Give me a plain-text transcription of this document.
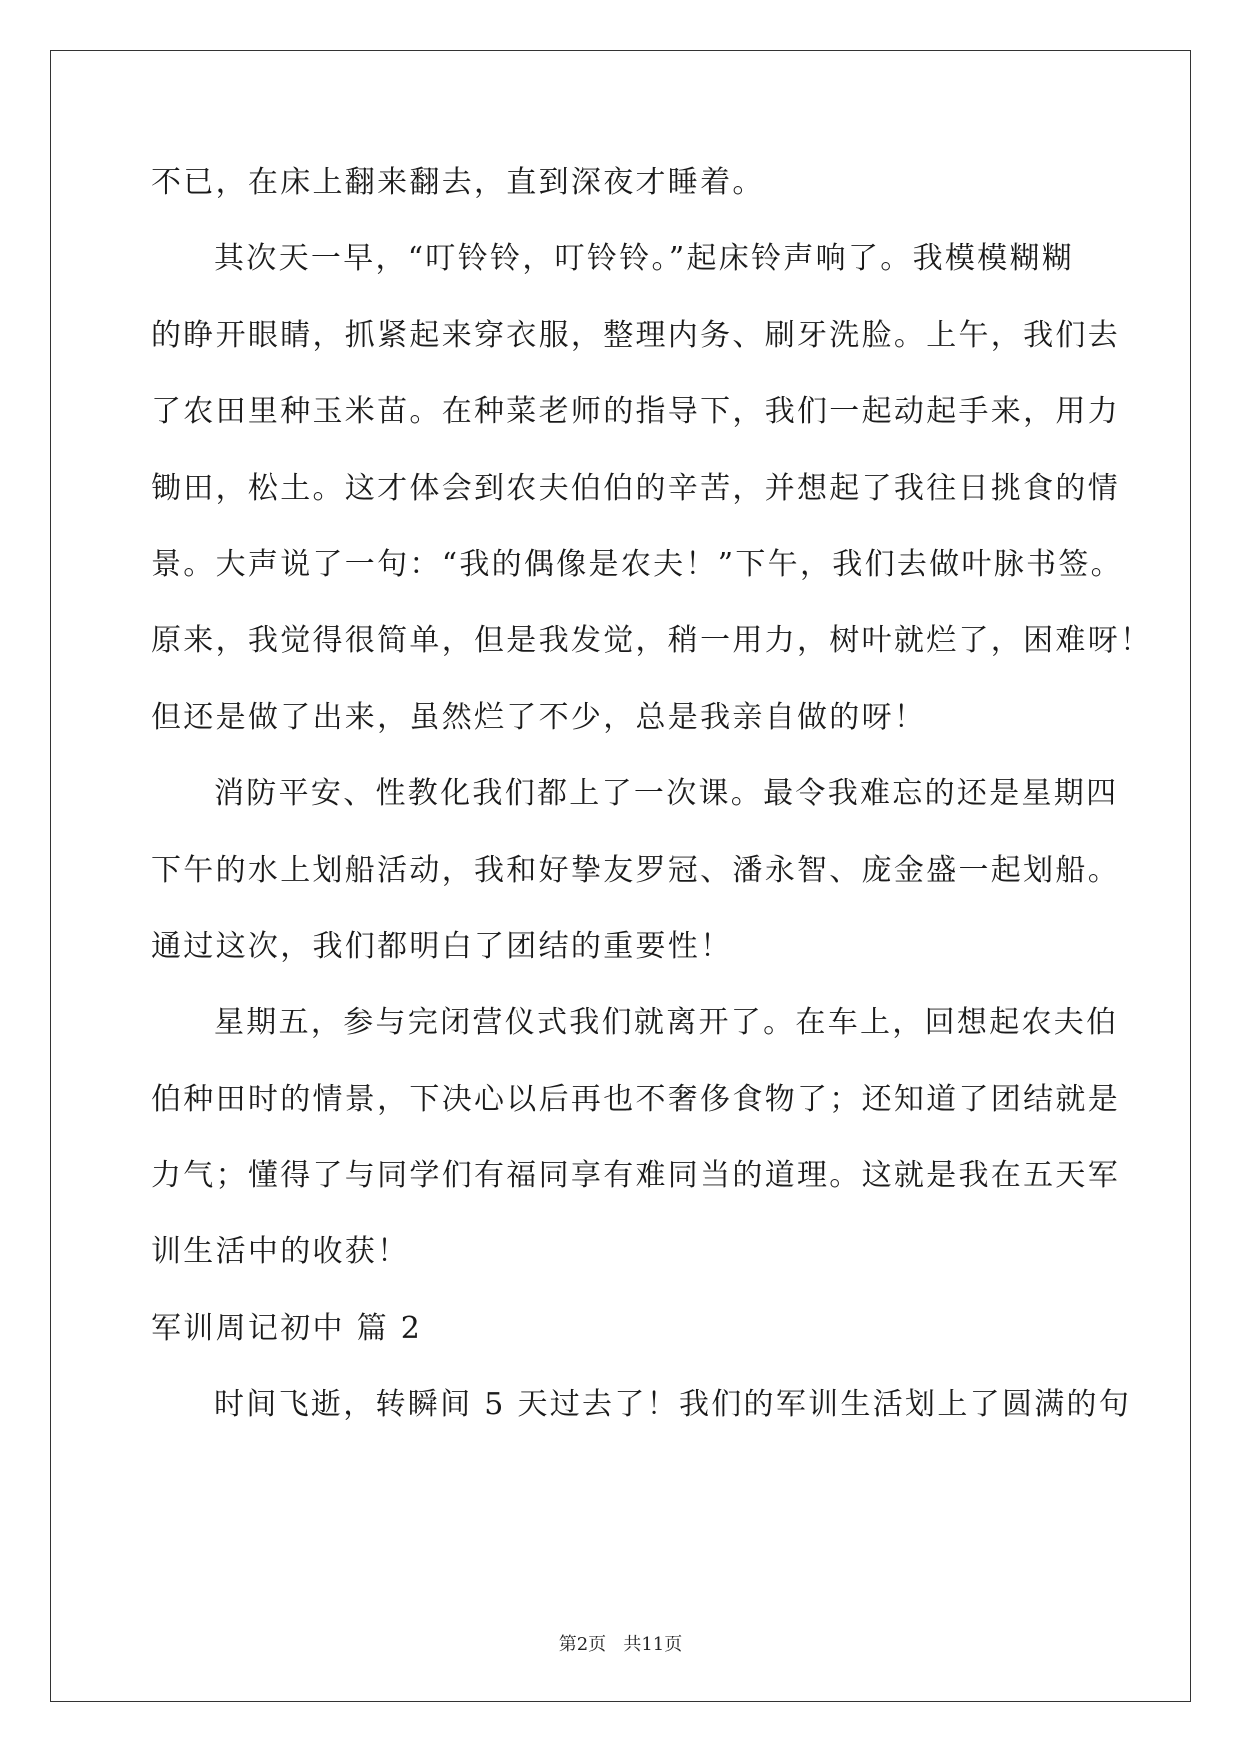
不已，在床上翻来翻去，直到深夜才睡着。
其次天一早，“叮铃铃，叮铃铃。”起床铃声响了。我模模糊糊
的睁开眼睛，抓紧起来穿衣服，整理内务、刷牙洗脸。上午，我们去
了农田里种玉米苗。在种菜老师的指导下，我们一起动起手来，用力
锄田，松土。这才体会到农夫伯伯的辛苦，并想起了我往日挑食的情
景。大声说了一句：“我的偶像是农夫！”下午，我们去做叶脉书签。
原来，我觉得很简单，但是我发觉，稍一用力，树叶就烂了，困难呀！
但还是做了出来，虽然烂了不少，总是我亲自做的呀！
消防平安、性教化我们都上了一次课。最令我难忘的还是星期四
下午的水上划船活动，我和好挚友罗冠、潘永智、庞金盛一起划船。
通过这次，我们都明白了团结的重要性！
星期五，参与完闭营仪式我们就离开了。在车上，回想起农夫伯
伯种田时的情景，下决心以后再也不奢侈食物了；还知道了团结就是
力气；懂得了与同学们有福同享有难同当的道理。这就是我在五天军
训生活中的收获！
军训周记初中 篇 2
时间飞逝，转瞬间 5 天过去了！我们的军训生活划上了圆满的句
第2页   共11页
